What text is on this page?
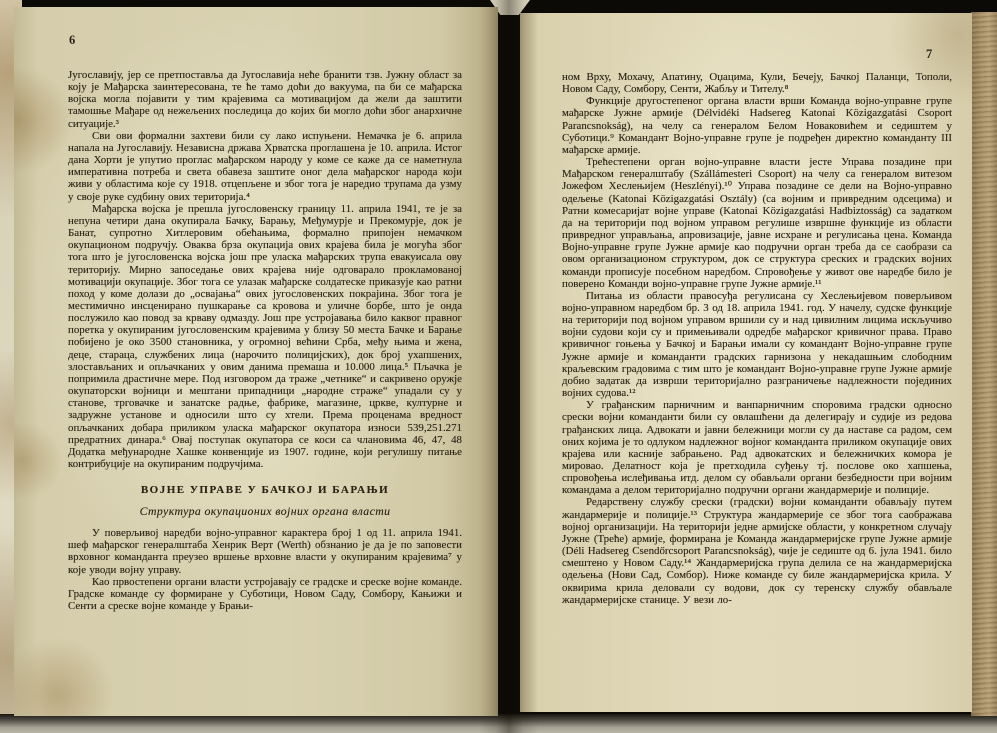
6

Југославију, јер се претпоставља да Југославија неће бранити тзв. Јужну област за коју је Мађарска заинтересована, те ће тамо доћи до вакуума, па би се мађарска војска могла појавити у тим крајевима са мотивацијом да жели да заштити тамошње Мађаре од нежељених последица до којих би могло доћи због анархичне ситуације.³

Сви ови формални захтеви били су лако испуњени. Немачка је 6. априла напала на Југославију. Независна држава Хрватска проглашена је 10. априла. Истог дана Хорти је упутио проглас мађарском народу у коме се каже да се наметнула императивна потреба и света обавеза заштите оног дела мађарског народа који живи у областима које су 1918. отцепљене и због тога је наредио трупама да узму у своје руке судбину ових територија.⁴

Мађарска војска је прешла југословенску границу 11. априла 1941, те је за непуна четири дана окупирала Бачку, Барању, Међумурје и Прекомурје, док је Банат, супротно Хитлеровим обећањима, формално припојен немачком окупационом подручју. Оваква брза окупација ових крајева била је могућа због тога што је југословенска војска још пре уласка мађарских трупа евакуисала ову територију. Мирно запоседање ових крајева није одговарало прокламованој мотивацији окупације. Због тога се улазак мађарске солдатеске приказује као ратни поход у коме долази до „освајања“ ових југословенских покрајина. Због тога је местимично инсценирано пушкарање са кровова и уличне борбе, што је онда послужило као повод за крваву одмазду. Још пре устројавања било каквог правног поретка у окупираним југословенским крајевима у близу 50 места Бачке и Барање побијено је око 3500 становника, у огромној већини Срба, међу њима и жена, деце, стараца, службених лица (нарочито полицијских), док број ухапшених, злостављаних и опљачканих у овим данима премаша и 10.000 лица.⁵ Пљачка је попримила драстичне мере. Под изговором да траже „четнике“ и сакривено оружје окупаторски војници и мештани припадници „народне страже“ упадали су у станове, трговачке и занатске радње, фабрике, магазине, цркве, културне и задружне установе и односили што су хтели. Према проценама вредност опљачканих добара приликом уласка мађарског окупатора износи 539,251.271 предратних динара.⁶ Овај поступак окупатора се коси са члановима 46, 47, 48 Додатка међународне Хашке конвенције из 1907. године, који регулишу питање контрибуције на окупираним подручјима.

ВОЈНЕ УПРАВЕ У БАЧКОЈ И БАРАЊИ
Структура окупационих војних органа власти

У поверљивој наредби војно-управног карактера број 1 од 11. априла 1941. шеф мађарског генералштаба Хенрик Верт (Werth) обзнанио је да је по заповести врховног команданта преузео вршење врховне власти у окупираним крајевима⁷ у које уводи војну управу.

Као првостепени органи власти устројавају се градске и среске војне команде. Градске команде су формиране у Суботици, Новом Саду, Сомбору, Кањижи и Сенти а среске војне команде у Брањи-

7

ном Врху, Мохачу, Апатину, Оџацима, Кули, Бечеју, Бачкој Паланци, Тополи, Новом Саду, Сомбору, Сенти, Жабљу и Тителу.⁸

Функције другостепеног органа власти врши Команда војно-управне групе мађарске Јужне армије (Délvidéki Hadsereg Katonai Közigazgatási Csoport Parancsnokság), на челу са генералом Белом Новаковићем и седиштем у Суботици.⁹ Командант Војно-управне групе је подређен директно команданту III мађарске армије.

Трећестепени орган војно-управне власти јесте Управа позадине при Мађарском генералштабу (Szállámesteri Csoport) на челу са генералом витезом Јожефом Хеслењијем (Heszlényi).¹⁰ Управа позадине се дели на Војно-управно одељење (Katonai Közigazgatási Osztály) (са војним и привредним одсецима) и Ратни комесаријат војне управе (Katonai Közigazgatási Hadbiztosság) са задатком да на територији под војном управом регулише извршне функције из области привредног управљања, апровизације, јавне исхране и регулисања цена. Команда Војно-управне групе Јужне армије као подручни орган треба да се саобрази са овом организационом структуром, док се структура среских и градских војних команди прописује посебном наредбом. Спровођење у живот ове наредбе било је поверено Команди војно-управне групе Јужне армије.¹¹

Питања из области правосуђа регулисана су Хеслењијевом поверљивом војно-управном наредбом бр. 3 од 18. априла 1941. год. У начелу, судске функције на територији под војном управом вршили су и над цивилним лицима искључиво војни судови који су и примењивали одредбе мађарског кривичног права. Право кривичног гоњења у Бачкој и Барањи имали су командант Војно-управне групе Јужне армије и команданти градских гарнизона у некадашњим слободним краљевским градовима с тим што је командант Војно-управне групе Јужне армије добио задатак да изврши територијално разграничење надлежности појединих војних судова.¹²

У грађанским парничним и ванпарничним споровима градски односно срески војни команданти били су овлашћени да делегирају и судије из редова грађанских лица. Адвокати и јавни бележници могли су да наставе са радом, сем оних којима је то одлуком надлежног војног команданта приликом окупације ових крајева или касније забрањено. Рад адвокатских и бележничких комора је мировао. Делатност која је претходила суђењу тј. послове око хапшења, спровођења ислеђивања итд. делом су обављали органи безбедности при војним командама а делом територијално подручни органи жандармерије и полиције.

Редарствену службу срески (градски) војни команданти обављају путем жандармерије и полиције.¹³ Структура жандармерије се због тога саображава војној организацији. На територији једне армијске области, у конкретном случају Јужне (Треће) армије, формирана је Команда жандармеријске групе Јужне армије (Déli Hadsereg Csendőrcsoport Parancsnokság), чије је седиште од 6. јула 1941. било смештено у Новом Саду.¹⁴ Жандармеријска група делила се на жандармеријска одељења (Нови Сад, Сомбор). Ниже команде су биле жандармеријска крила. У оквирима крила деловали су водови, док су теренску службу обављале жандармеријске станице. У вези ло-
